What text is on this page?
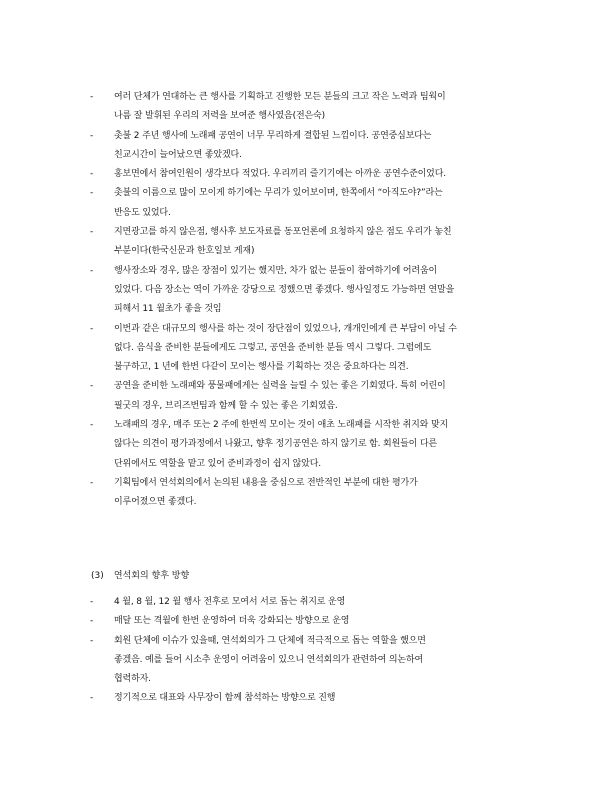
- 여러 단체가 연대하는 큰 행사를 기획하고 진행한 모든 분들의 크고 작은 노력과 팀웍이
나름 잘 발휘된 우리의 저력을 보여준 행사였음(전은숙)
- 촛불 2 주년 행사에 노래패 공연이 너무 무리하게 결합된 느낌이다. 공연중심보다는
친교시간이 늘어났으면 좋았겠다.
- 홍보면에서 참여인원이 생각보다 적었다. 우리끼리 즐기기에는 아까운 공연수준이었다.
- 촛불의 이름으로 많이 모이게 하기에는 무리가 있어보이며, 한쪽에서 “아직도야?”라는
반응도 있었다.
- 지면광고를 하지 않은점, 행사후 보도자료를 동포언론에 요청하지 않은 점도 우리가 놓친
부분이다(한국신문과 한호일보 게재)
- 행사장소와 경우, 많은 장점이 있기는 했지만, 차가 없는 분들이 참여하기에 어려움이
있었다. 다음 장소는 역이 가까운 강당으로 정했으면 좋겠다. 행사일정도 가능하면 연말을
피해서 11 월초가 좋을 것임
- 이번과 같은 대규모의 행사를 하는 것이 장단점이 있었으나, 개개인에게 큰 부담이 아닐 수
없다. 음식을 준비한 분들에게도 그렇고, 공연을 준비한 분들 역시 그렇다. 그럼에도
불구하고, 1 년에 한번 다같이 모이는 행사를 기획하는 것은 중요하다는 의견.
- 공연을 준비한 노래패와 풍물패에게는 실력을 늘릴 수 있는 좋은 기회였다. 특히 어린이
필굿의 경우, 브리즈번팀과 함께 할 수 있는 좋은 기회였음.
- 노래패의 경우, 매주 또는 2 주에 한번씩 모이는 것이 애초 노래패를 시작한 취지와 맞지
않다는 의견이 평가과정에서 나왔고, 향후 정기공연은 하지 않기로 함. 회원들이 다른
단위에서도 역할을 맡고 있어 준비과정이 쉽지 않았다.
- 기획팀에서 연석회의에서 논의된 내용을 중심으로 전반적인 부분에 대한 평가가
이루어졌으면 좋겠다.
(3) 연석회의 향후 방향
- 4 월, 8 월, 12 월 행사 전후로 모여서 서로 돕는 취지로 운영
- 매달 또는 격월에 한번 운영하여 더욱 강화되는 방향으로 운영
- 회원 단체에 이슈가 있을때, 연석회의가 그 단체에 적극적으로 돕는 역할을 했으면
좋겠음. 예를 들어 시소추 운영이 어려움이 있으니 연석회의가 관련하여 의논하여
협력하자.
- 정기적으로 대표와 사무장이 함께 참석하는 방향으로 진행
